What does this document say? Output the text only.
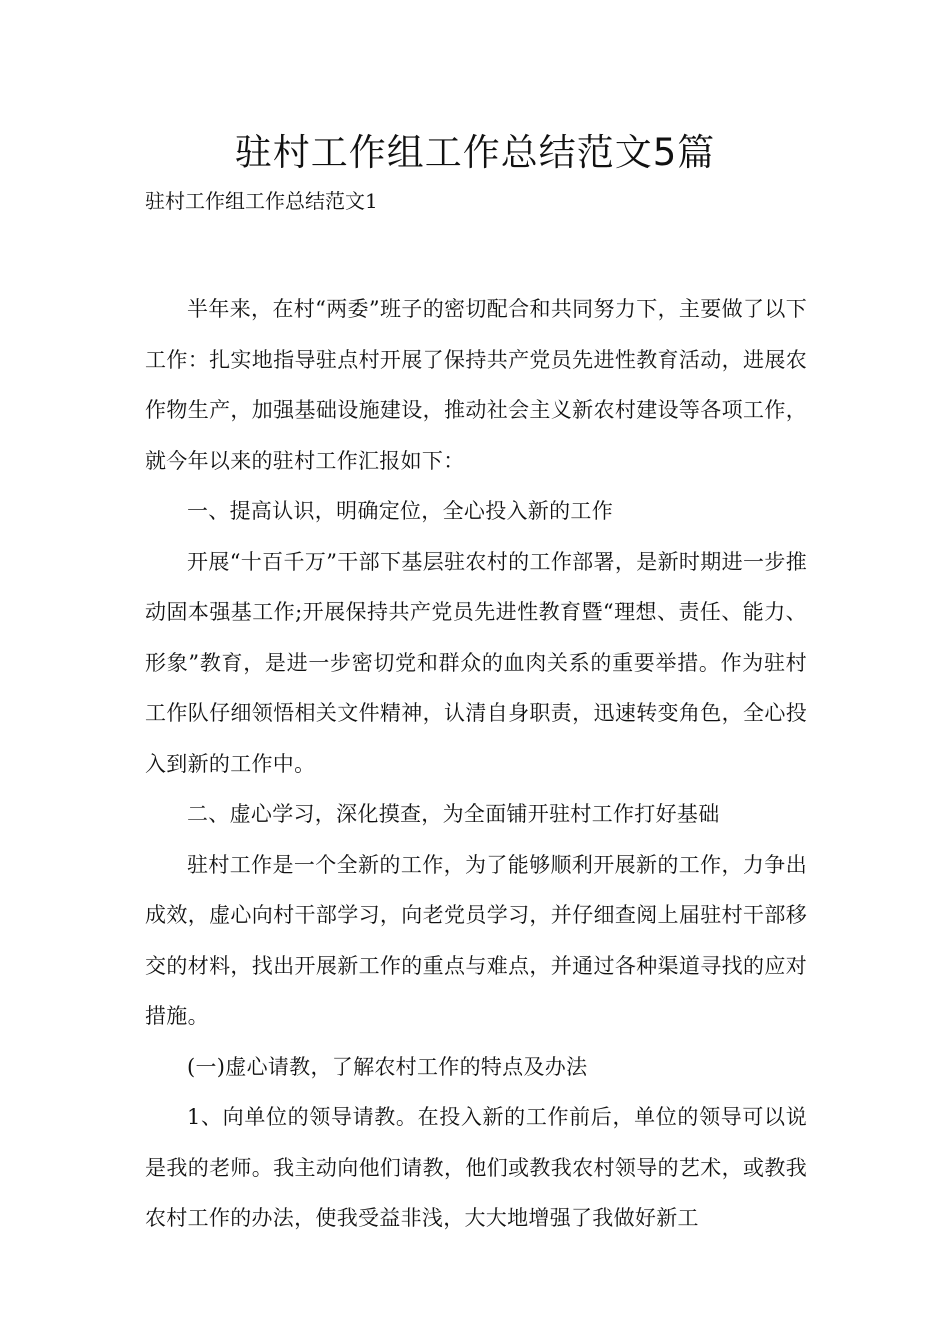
驻村工作组工作总结范文5篇
驻村工作组工作总结范文1

半年来，在村“两委”班子的密切配合和共同努力下，主要做了以下工作：扎实地指导驻点村开展了保持共产党员先进性教育活动，进展农作物生产，加强基础设施建设，推动社会主义新农村建设等各项工作，就今年以来的驻村工作汇报如下：

一、提高认识，明确定位，全心投入新的工作

开展“十百千万”干部下基层驻农村的工作部署，是新时期进一步推动固本强基工作;开展保持共产党员先进性教育暨“理想、责任、能力、形象”教育，是进一步密切党和群众的血肉关系的重要举措。作为驻村工作队仔细领悟相关文件精神，认清自身职责，迅速转变角色，全心投入到新的工作中。

二、虚心学习，深化摸查，为全面铺开驻村工作打好基础

驻村工作是一个全新的工作，为了能够顺利开展新的工作，力争出成效，虚心向村干部学习，向老党员学习，并仔细查阅上届驻村干部移交的材料，找出开展新工作的重点与难点，并通过各种渠道寻找的应对措施。

(一)虚心请教，了解农村工作的特点及办法

1、向单位的领导请教。在投入新的工作前后，单位的领导可以说是我的老师。我主动向他们请教，他们或教我农村领导的艺术，或教我农村工作的办法，使我受益非浅，大大地增强了我做好新工
